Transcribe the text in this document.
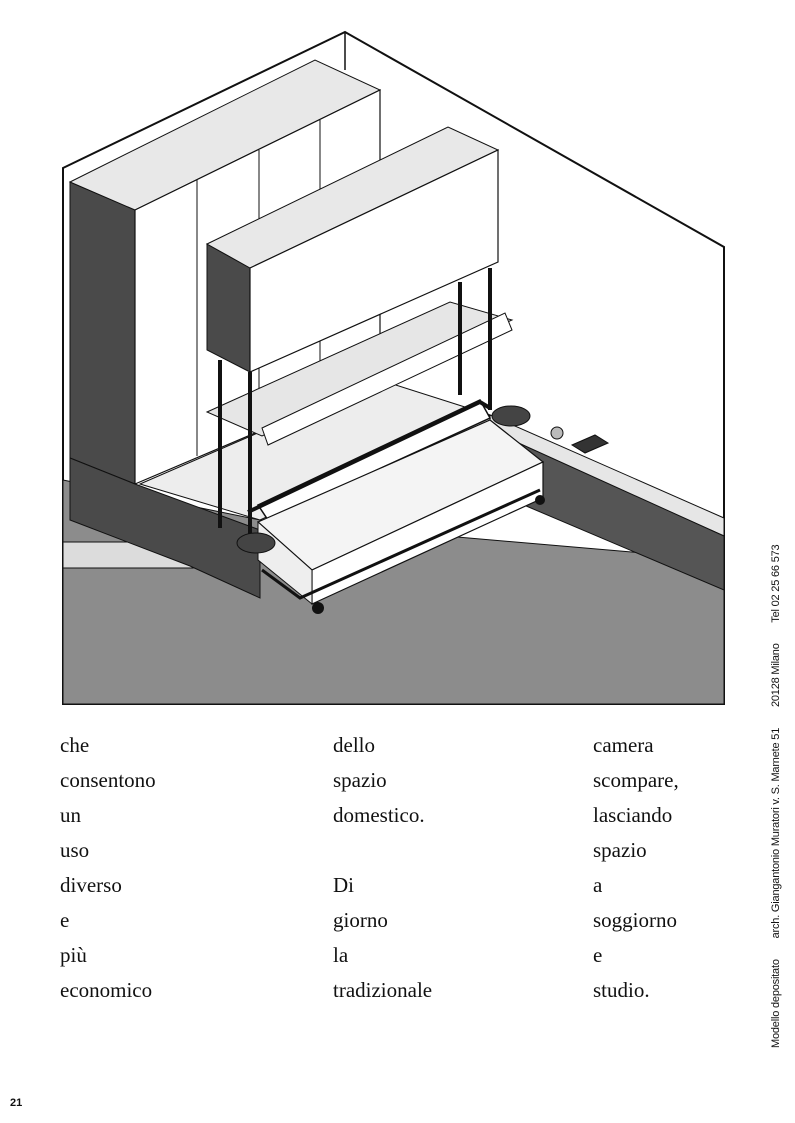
che
consentono
un
uso
diverso
e
più
economico
dello
spazio
domestico.
Di
giorno
la
tradizionale
camera
scompare,
lasciando
spazio
a
soggiorno
e
studio.	Modello depositato arch. Giangantonio Muratori v. S. Marnete 51 20128 Milano Tel 02 25 66 573
21
